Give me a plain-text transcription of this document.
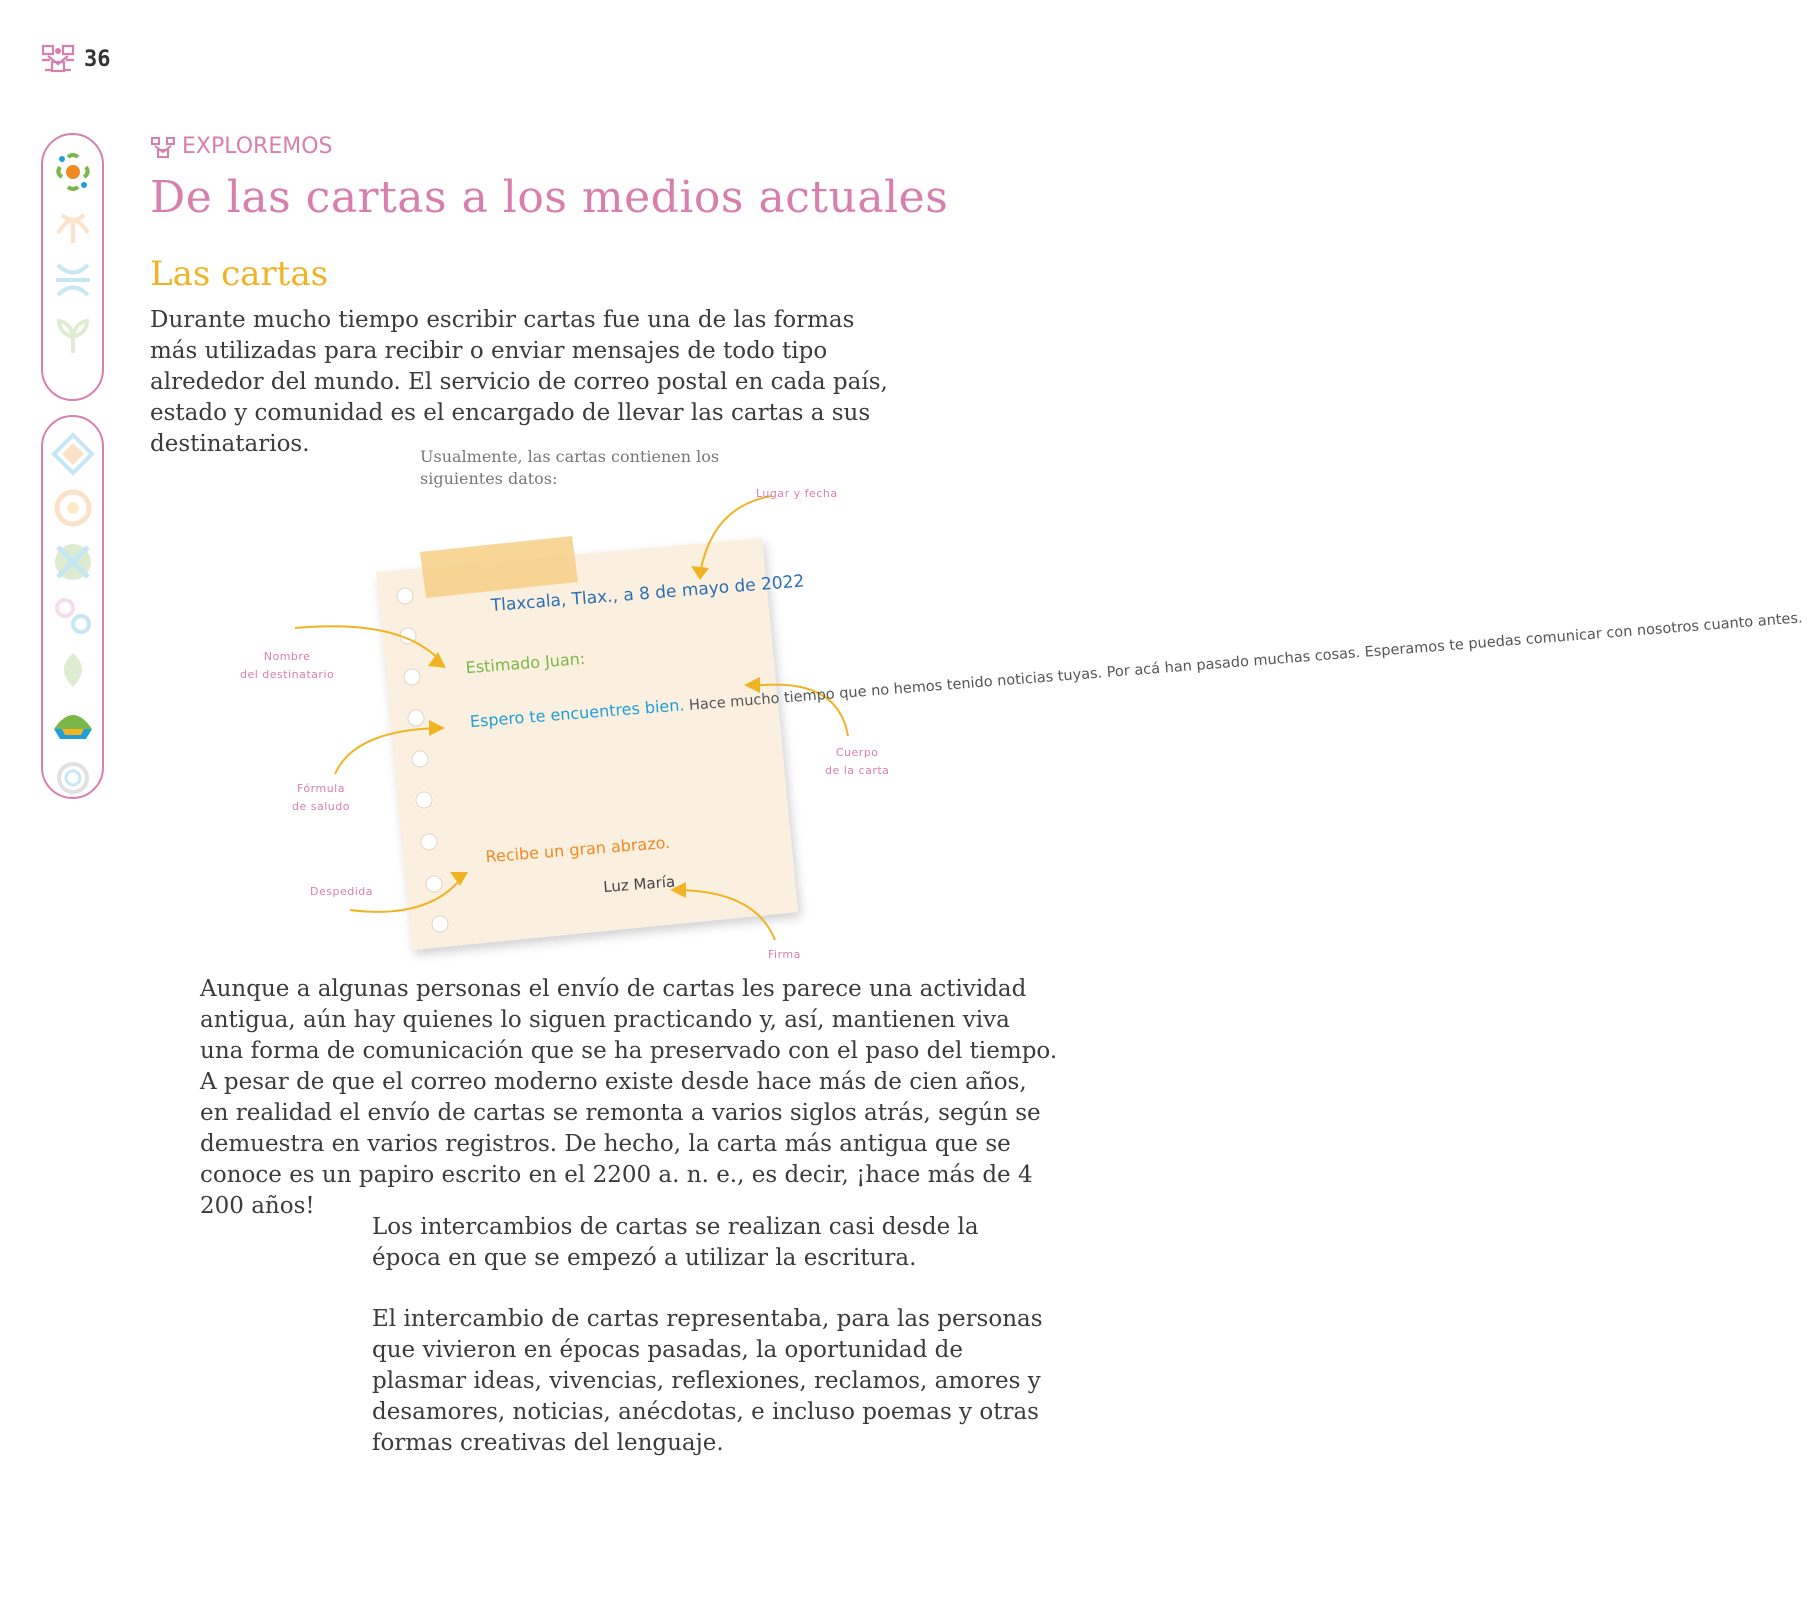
36
EXPLOREMOS
De las cartas a los medios actuales
Las cartas

Durante mucho tiempo escribir cartas fue una de las formas más utilizadas para recibir o enviar mensajes de todo tipo alrededor del mundo. El servicio de correo postal en cada país, estado y comunidad es el encargado de llevar las cartas a sus destinatarios.	Usualmente, las cartas contienen los siguientes datos:

Lugar y fecha
Nombre
del destinatario
Fórmula
de saludo
Cuerpo
de la carta
Despedida
Firma
Tlaxcala, Tlax., a 8 de mayo de 2022
Estimado Juan:
Espero te encuentres bien. Hace mucho tiempo que no hemos tenido noticias tuyas. Por acá han pasado muchas cosas. Esperamos te puedas comunicar con nosotros cuanto antes.
Recibe un gran abrazo.
Luz María

Aunque a algunas personas el envío de cartas les parece una actividad antigua, aún hay quienes lo siguen practicando y, así, mantienen viva una forma de comunicación que se ha preservado con el paso del tiempo. A pesar de que el correo moderno existe desde hace más de cien años, en realidad el envío de cartas se remonta a varios siglos atrás, según se demuestra en varios registros. De hecho, la carta más antigua que se conoce es un papiro escrito en el 2200 a. n. e., es decir, ¡hace más de 4 200 años!

Los intercambios de cartas se realizan casi desde la época en que se empezó a utilizar la escritura.

El intercambio de cartas representaba, para las personas que vivieron en épocas pasadas, la oportunidad de plasmar ideas, vivencias, reflexiones, reclamos, amores y desamores, noticias, anécdotas, e incluso poemas y otras formas creativas del lenguaje.
